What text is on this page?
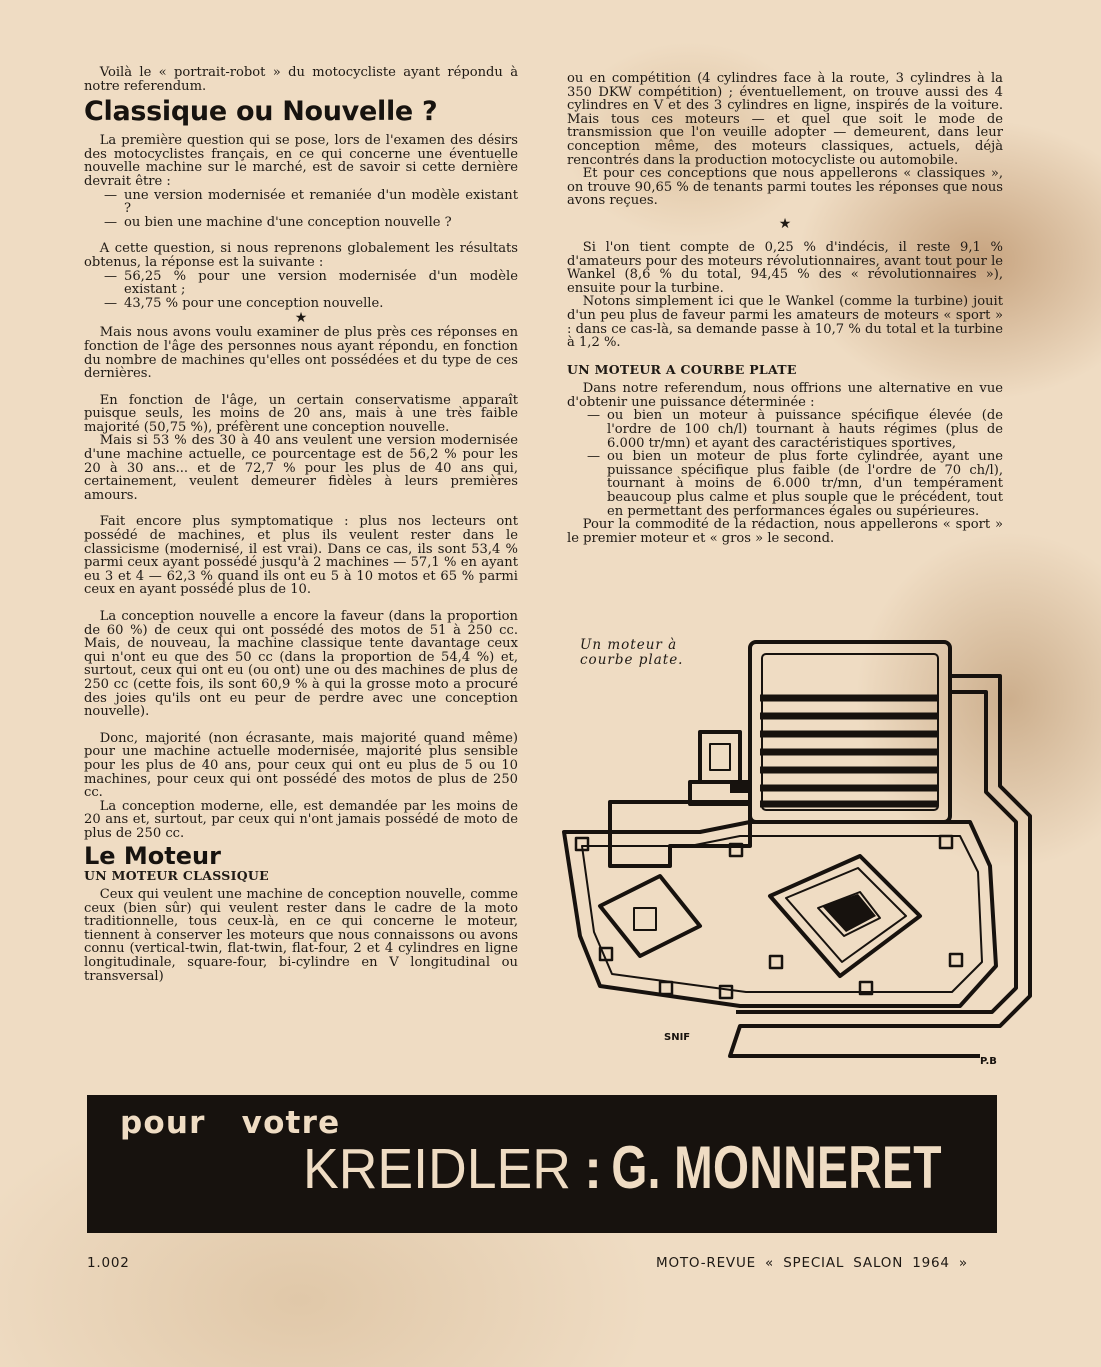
Voilà le « portrait-robot » du motocycliste ayant répondu à notre referendum.

Classique ou Nouvelle ?

La première question qui se pose, lors de l'examen des désirs des motocyclistes français, en ce qui concerne une éventuelle nouvelle machine sur le marché, est de savoir si cette dernière devrait être :

— une version modernisée et remaniée d'un modèle existant ?

— ou bien une machine d'une conception nouvelle ?

A cette question, si nous reprenons globalement les résultats obtenus, la réponse est la suivante :

— 56,25 % pour une version modernisée d'un modèle existant ;

— 43,75 % pour une conception nouvelle.

★

Mais nous avons voulu examiner de plus près ces réponses en fonction de l'âge des personnes nous ayant répondu, en fonction du nombre de machines qu'elles ont possédées et du type de ces dernières.

En fonction de l'âge, un certain conservatisme apparaît puisque seuls, les moins de 20 ans, mais à une très faible majorité (50,75 %), préfèrent une conception nouvelle.

Mais si 53 % des 30 à 40 ans veulent une version modernisée d'une machine actuelle, ce pourcentage est de 56,2 % pour les 20 à 30 ans... et de 72,7 % pour les plus de 40 ans qui, certainement, veulent demeurer fidèles à leurs premières amours.

Fait encore plus symptomatique : plus nos lecteurs ont possédé de machines, et plus ils veulent rester dans le classicisme (modernisé, il est vrai). Dans ce cas, ils sont 53,4 % parmi ceux ayant possédé jusqu'à 2 machines — 57,1 % en ayant eu 3 et 4 — 62,3 % quand ils ont eu 5 à 10 motos et 65 % parmi ceux en ayant possédé plus de 10.

La conception nouvelle a encore la faveur (dans la proportion de 60 %) de ceux qui ont possédé des motos de 51 à 250 cc. Mais, de nouveau, la machine classique tente davantage ceux qui n'ont eu que des 50 cc (dans la proportion de 54,4 %) et, surtout, ceux qui ont eu (ou ont) une ou des machines de plus de 250 cc (cette fois, ils sont 60,9 % à qui la grosse moto a procuré des joies qu'ils ont eu peur de perdre avec une conception nouvelle).

Donc, majorité (non écrasante, mais majorité quand même) pour une machine actuelle modernisée, majorité plus sensible pour les plus de 40 ans, pour ceux qui ont eu plus de 5 ou 10 machines, pour ceux qui ont possédé des motos de plus de 250 cc.

La conception moderne, elle, est demandée par les moins de 20 ans et, surtout, par ceux qui n'ont jamais possédé de moto de plus de 250 cc.

Le Moteur
UN MOTEUR CLASSIQUE

Ceux qui veulent une machine de conception nouvelle, comme ceux (bien sûr) qui veulent rester dans le cadre de la moto traditionnelle, tous ceux-là, en ce qui concerne le moteur, tiennent à conserver les moteurs que nous connaissons ou avons connu (vertical-twin, flat-twin, flat-four, 2 et 4 cylindres en ligne longitudinale, square-four, bi-cylindre en V longitudinal ou transversal)

ou en compétition (4 cylindres face à la route, 3 cylindres à la 350 DKW compétition) ; éventuellement, on trouve aussi des 4 cylindres en V et des 3 cylindres en ligne, inspirés de la voiture. Mais tous ces moteurs — et quel que soit le mode de transmission que l'on veuille adopter — demeurent, dans leur conception même, des moteurs classiques, actuels, déjà rencontrés dans la production motocycliste ou automobile.

Et pour ces conceptions que nous appellerons « classiques », on trouve 90,65 % de tenants parmi toutes les réponses que nous avons reçues.

★

Si l'on tient compte de 0,25 % d'indécis, il reste 9,1 % d'amateurs pour des moteurs révolutionnaires, avant tout pour le Wankel (8,6 % du total, 94,45 % des « révolutionnaires »), ensuite pour la turbine.

Notons simplement ici que le Wankel (comme la turbine) jouit d'un peu plus de faveur parmi les amateurs de moteurs « sport » : dans ce cas-là, sa demande passe à 10,7 % du total et la turbine à 1,2 %.

UN MOTEUR A COURBE PLATE

Dans notre referendum, nous offrions une alternative en vue d'obtenir une puissance déterminée :

— ou bien un moteur à puissance spécifique élevée (de l'ordre de 100 ch/l) tournant à hauts régimes (plus de 6.000 tr/mn) et ayant des caractéristiques sportives,

— ou bien un moteur de plus forte cylindrée, ayant une puissance spécifique plus faible (de l'ordre de 70 ch/l), tournant à moins de 6.000 tr/mn, d'un tempérament beaucoup plus calme et plus souple que le précédent, tout en permettant des performances égales ou supérieures.

Pour la commodité de la rédaction, nous appellerons « sport » le premier moteur et « gros » le second.

SNIF
P.B
Un moteur à
courbe plate.
pour votre
KREIDLER : G. MONNERET
1.002	MOTO-REVUE « SPECIAL SALON 1964 »
